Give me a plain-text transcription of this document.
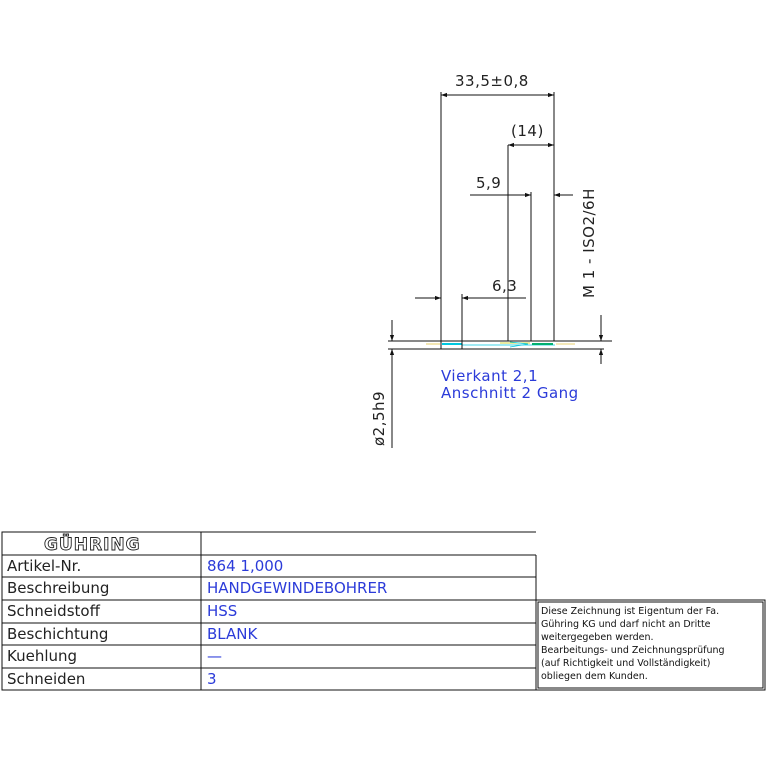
33,5±0,8
(14)
5,9
6,3	M 1 - ISO2/6H
ø2,5h9
Vierkant 2,1
Anschnitt 2 Gang
GÜHRING
Artikel-Nr.	864 1,000
Beschreibung	HANDGEWINDEBOHRER
Schneidstoff	HSS
Beschichtung	BLANK
Kuehlung	—
Schneiden	3
Diese Zeichnung ist Eigentum der Fa.
Gühring KG und darf nicht an Dritte
weitergegeben werden.
Bearbeitungs- und Zeichnungsprüfung
(auf Richtigkeit und Vollständigkeit)
obliegen dem Kunden.
